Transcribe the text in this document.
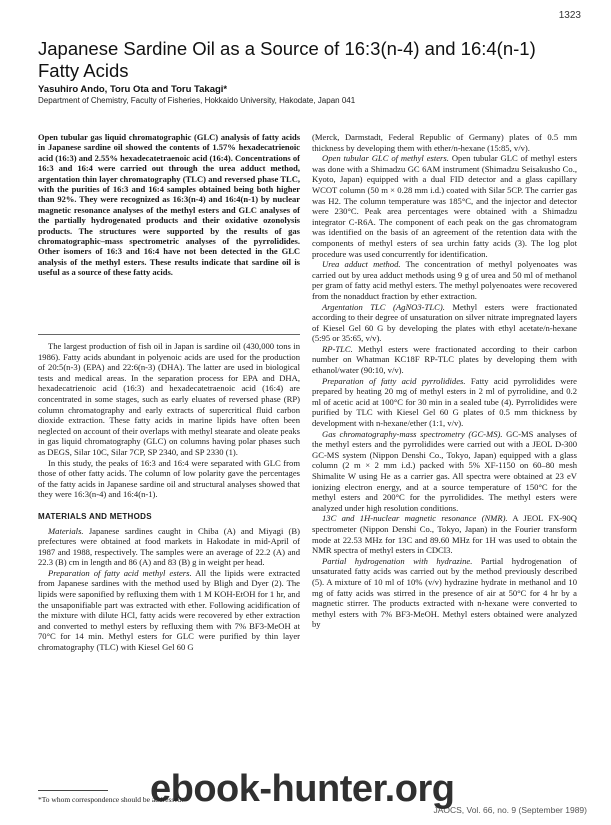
1323
Japanese Sardine Oil as a Source of 16:3(n-4) and 16:4(n-1) Fatty Acids
Yasuhiro Ando, Toru Ota and Toru Takagi*
Department of Chemistry, Faculty of Fisheries, Hokkaido University, Hakodate, Japan 041

Open tubular gas liquid chromatographic (GLC) analysis of fatty acids in Japanese sardine oil showed the contents of 1.57% hexadecatrienoic acid (16:3) and 2.55% hexadecatetraenoic acid (16:4). Concentrations of 16:3 and 16:4 were carried out through the urea adduct method, argentation thin layer chromatography (TLC) and reversed phase TLC, with the purities of 16:3 and 16:4 samples obtained being both higher than 92%. They were recognized as 16:3(n-4) and 16:4(n-1) by nuclear magnetic resonance analyses of the methyl esters and GLC analyses of the partially hydrogenated products and their oxidative ozonolysis products. The structures were supported by the results of gas chromatographic–mass spectrometric analyses of the pyrrolidides. Other isomers of 16:3 and 16:4 have not been detected in the GLC analysis of the methyl esters. These results indicate that sardine oil is useful as a source of these fatty acids.

The largest production of fish oil in Japan is sardine oil (430,000 tons in 1986). Fatty acids abundant in polyenoic acids are used for the production of 20:5(n-3) (EPA) and 22:6(n-3) (DHA). The latter are used in biological tests and medical areas. In the separation process for EPA and DHA, hexadecatrienoic acid (16:3) and hexadecatetraenoic acid (16:4) are concentrated in some stages, such as early eluates of reversed phase (RP) column chromatography and early extracts of supercritical fluid carbon dioxide extraction. These fatty acids in marine lipids have often been neglected on account of their overlaps with methyl stearate and oleate peaks in gas liquid chromatography (GLC) on columns having polar phases such as DEGS, Silar 10C, Silar 7CP, SP 2340, and SP 2330 (1).

In this study, the peaks of 16:3 and 16:4 were separated with GLC from those of other fatty acids. The column of low polarity gave the percentages of the fatty acids in Japanese sardine oil and structural analyses showed that they were 16:3(n-4) and 16:4(n-1).

MATERIALS AND METHODS

Materials. Japanese sardines caught in Chiba (A) and Miyagi (B) prefectures were obtained at food markets in Hakodate in mid-April of 1987 and 1988, respectively. The samples were an average of 22.2 (A) and 22.3 (B) cm in length and 86 (A) and 83 (B) g in weight per head.

Preparation of fatty acid methyl esters. All the lipids were extracted from Japanese sardines with the method used by Bligh and Dyer (2). The lipids were saponified by refluxing them with 1 M KOH-EtOH for 1 hr, and the unsaponifiable part was extracted with ether. Following acidification of the mixture with dilute HCl, fatty acids were recovered by ether extraction and converted to methyl esters by refluxing them with 7% BF3-MeOH at 70°C for 14 min. Methyl esters for GLC were purified by thin layer chromatography (TLC) with Kiesel Gel 60 G

(Merck, Darmstadt, Federal Republic of Germany) plates of 0.5 mm thickness by developing them with ether/n-hexane (15:85, v/v).

Open tubular GLC of methyl esters. Open tubular GLC of methyl esters was done with a Shimadzu GC 6AM instrument (Shimadzu Seisakusho Co., Kyoto, Japan) equipped with a dual FID detector and a glass capillary WCOT column (50 m × 0.28 mm i.d.) coated with Silar 5CP. The carrier gas was H2. The column temperature was 185°C, and the injector and detector were 230°C. Peak area percentages were obtained with a Shimadzu integrator C-R6A. The component of each peak on the gas chromatogram was identified on the basis of an agreement of the retention data with the components of methyl esters of sea urchin fatty acids (3). The log plot procedure was used concurrently for identification.

Urea adduct method. The concentration of methyl polyenoates was carried out by urea adduct methods using 9 g of urea and 50 ml of methanol per gram of fatty acid methyl esters. The methyl polyenoates were recovered from the nonadduct fraction by ether extraction.

Argentation TLC (AgNO3-TLC). Methyl esters were fractionated according to their degree of unsaturation on silver nitrate impregnated layers of Kiesel Gel 60 G by developing the plates with ethyl acetate/n-hexane (5:95 or 35:65, v/v).

RP-TLC. Methyl esters were fractionated according to their carbon number on Whatman KC18F RP-TLC plates by developing them with ethanol/water (90:10, v/v).

Preparation of fatty acid pyrrolidides. Fatty acid pyrrolidides were prepared by heating 20 mg of methyl esters in 2 ml of pyrrolidine, and 0.2 ml of acetic acid at 100°C for 30 min in a sealed tube (4). Pyrrolidides were purified by TLC with Kiesel Gel 60 G plates of 0.5 mm thickness by development with n-hexane/ether (1:1, v/v).

Gas chromatography-mass spectrometry (GC-MS). GC-MS analyses of the methyl esters and the pyrrolidides were carried out with a JEOL D-300 GC-MS system (Nippon Denshi Co., Tokyo, Japan) equipped with a glass column (2 m × 2 mm i.d.) packed with 5% XF-1150 on 60–80 mesh Shimalite W using He as a carrier gas. All spectra were obtained at 23 eV ionizing electron energy, and at a source temperature of 150°C for the methyl esters and 200°C for the pyrrolidides. The methyl esters were analyzed under high resolution conditions.

13C and 1H-nuclear magnetic resonance (NMR). A JEOL FX-90Q spectrometer (Nippon Denshi Co., Tokyo, Japan) in the Fourier transform mode at 22.53 MHz for 13C and 89.60 MHz for 1H was used to obtain the NMR spectra of methyl esters in CDCl3.

Partial hydrogenation with hydrazine. Partial hydrogenation of unsaturated fatty acids was carried out by the method previously described (5). A mixture of 10 ml of 10% (v/v) hydrazine hydrate in methanol and 10 mg of fatty acids was stirred in the presence of air at 50°C for 4 hr by a magnetic stirrer. The products extracted with n-hexane were converted to methyl esters with 7% BF3-MeOH. Methyl esters obtained were analyzed by

*To whom correspondence should be addressed.
JAOCS, Vol. 66, no. 9 (September 1989)
ebook-hunter.org
